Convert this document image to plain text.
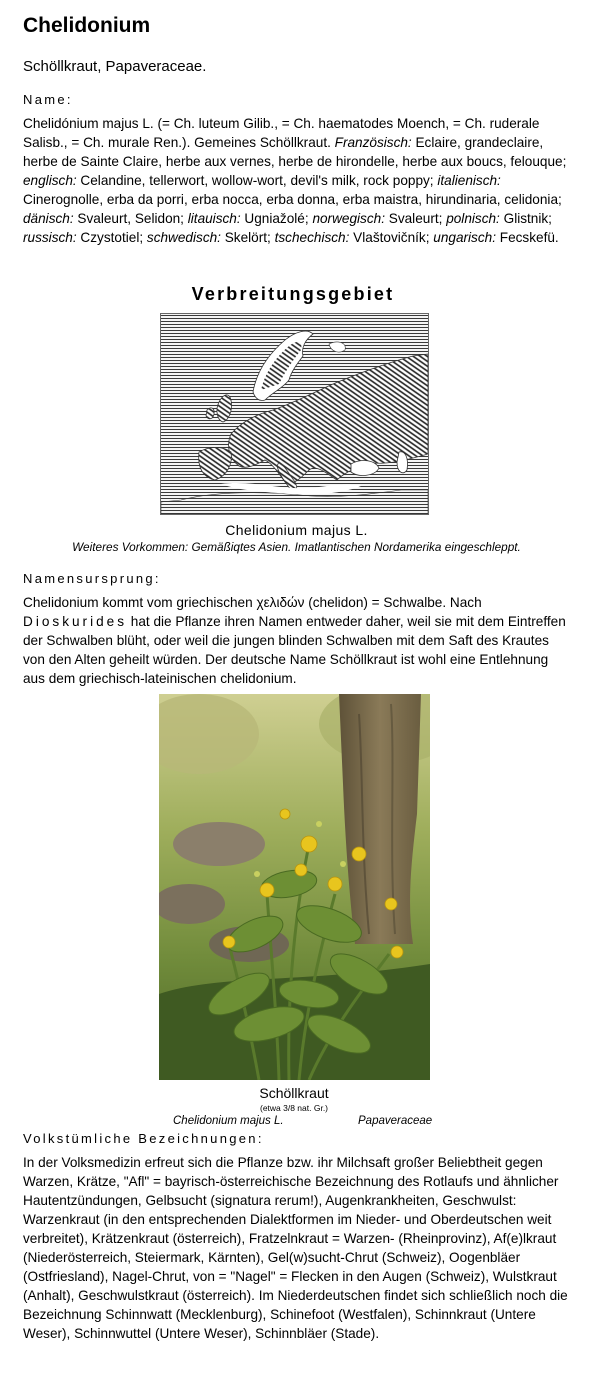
Chelidonium
Schöllkraut, Papaveraceae.
Name:
Chelidónium majus L. (= Ch. luteum Gilib., = Ch. haematodes Moench, = Ch. ruderale Salisb., = Ch. murale Ren.). Gemeines Schöllkraut. Französisch: Eclaire, grandeclaire, herbe de Sainte Claire, herbe aux vernes, herbe de hirondelle, herbe aux boucs, felouque; englisch: Celandine, tellerwort, wollow-wort, devil's milk, rock poppy; italienisch: Cinerognolle, erba da porri, erba nocca, erba donna, erba maistra, hirundinaria, celidonia; dänisch: Svaleurt, Selidon; litauisch: Ugniažolé; norwegisch: Svaleurt; polnisch: Glistnik; russisch: Czystotiel; schwedisch: Skelört; tschechisch: Vlaštovičník; ungarisch: Fecskefü.
Verbreitungsgebiet
Chelidonium majus L.
Weiteres Vorkommen: Gemäßiqtes Asien. Imatlantischen Nordamerika eingeschleppt.
Namensursprung:
Chelidonium kommt vom griechischen χελιδών (chelidon) = Schwalbe. Nach Dioskurides hat die Pflanze ihren Namen entweder daher, weil sie mit dem Eintreffen der Schwalben blüht, oder weil die jungen blinden Schwalben mit dem Saft des Krautes von den Alten geheilt würden. Der deutsche Name Schöllkraut ist wohl eine Entlehnung aus dem griechisch-lateinischen chelidonium.
Schöllkraut
(etwa 3/8 nat. Gr.)
Chelidonium majus L.	Papaveraceae
Volkstümliche Bezeichnungen:
In der Volksmedizin erfreut sich die Pflanze bzw. ihr Milchsaft großer Beliebtheit gegen Warzen, Krätze, "Afl" = bayrisch-österreichische Bezeichnung des Rotlaufs und ähnlicher Hautentzündungen, Gelbsucht (signatura rerum!), Augenkrankheiten, Geschwulst: Warzenkraut (in den entsprechenden Dialektformen im Nieder- und Oberdeutschen weit verbreitet), Krätzenkraut (österreich), Fratzelnkraut = Warzen- (Rheinprovinz), Af(e)lkraut (Niederösterreich, Steiermark, Kärnten), Gel(w)sucht-Chrut (Schweiz), Oogenbläer (Ostfriesland), Nagel-Chrut, von = "Nagel" = Flecken in den Augen (Schweiz), Wulstkraut (Anhalt), Geschwulstkraut (österreich). Im Niederdeutschen findet sich schließlich noch die Bezeichnung Schinnwatt (Mecklenburg), Schinefoot (Westfalen), Schinnkraut (Untere Weser), Schinnwuttel (Untere Weser), Schinnbläer (Stade).
